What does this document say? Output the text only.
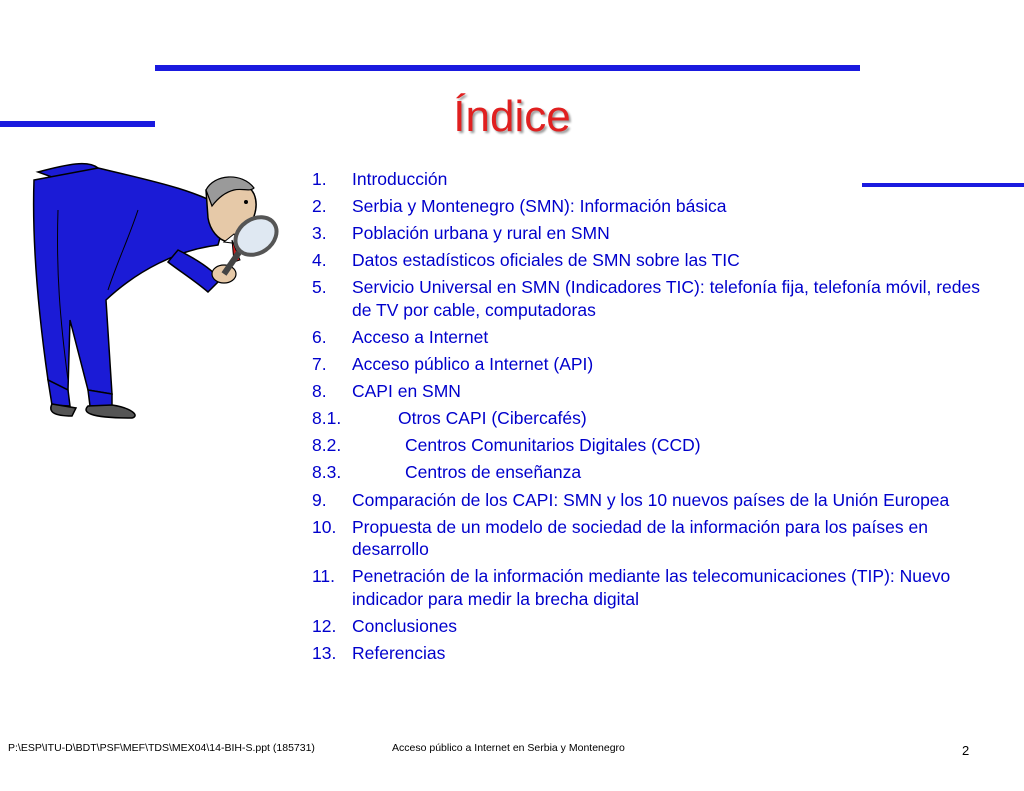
Índice
1. Introducción
2. Serbia y Montenegro (SMN): Información básica
3. Población urbana y rural en SMN
4. Datos estadísticos oficiales de SMN sobre las TIC
5. Servicio Universal en SMN (Indicadores TIC): telefonía fija, telefonía móvil, redes de TV por cable, computadoras
6. Acceso a Internet
7. Acceso público a Internet (API)
8. CAPI en SMN
8.1.	Otros CAPI (Cibercafés)
8.2.	Centros Comunitarios Digitales (CCD)
8.3.	Centros de enseñanza
9. Comparación de los CAPI: SMN y los 10 nuevos países de la Unión Europea
10. Propuesta de un modelo de sociedad de la información para los países en desarrollo
11. Penetración de la información mediante las telecomunicaciones (TIP): Nuevo indicador para medir la brecha digital
12. Conclusiones
13. Referencias
P:\ESP\ITU-D\BDT\PSF\MEF\TDS\MEX04\14-BIH-S.ppt (185731)	Acceso público a Internet en Serbia y Montenegro	2
